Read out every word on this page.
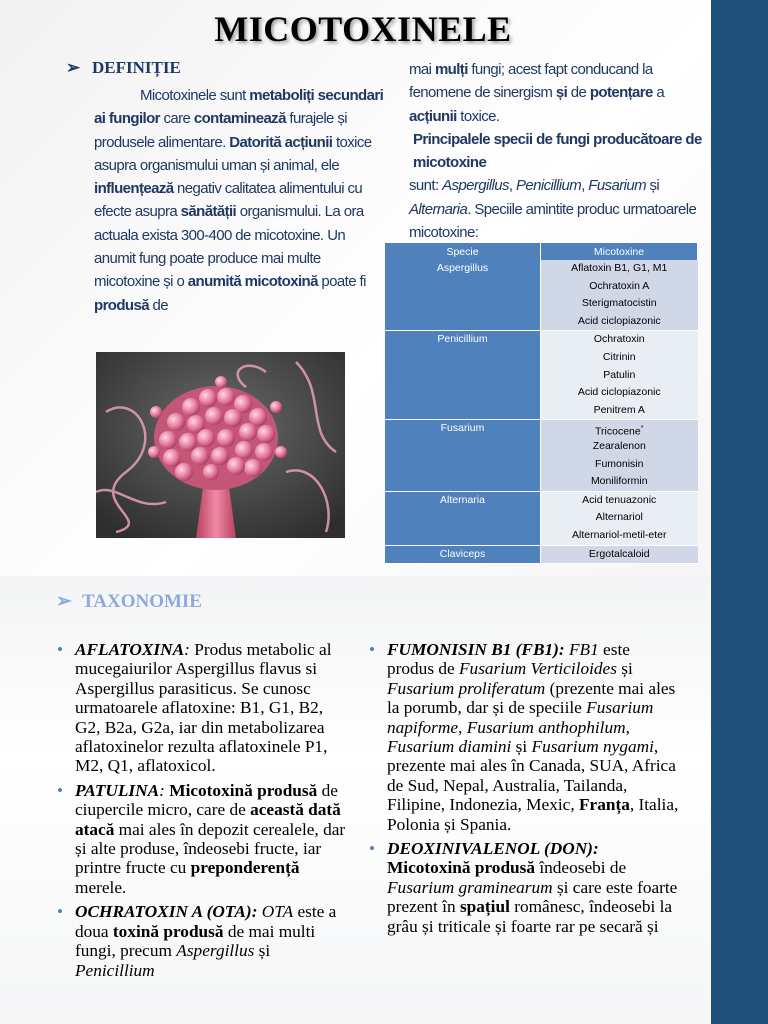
MICOTOXINELE
➢ DEFINIȚIE
Micotoxinele sunt metaboliți secundari ai fungilor care contaminează furajele și produsele alimentare. Datorită acțiunii toxice asupra organismului uman și animal, ele influențează negativ calitatea alimentului cu efecte asupra sănătății organismului. La ora actuala exista 300-400 de micotoxine. Un anumit fung poate produce mai multe micotoxine și o anumită micotoxină poate fi produsă de
mai mulți fungi; acest fapt conducand la fenomene de sinergism și de potențare a acțiunii toxice.
Principalele specii de fungi producătoare de micotoxine
sunt: Aspergillus, Penicillium, Fusarium și Alternaria. Speciile amintite produc urmatoarele micotoxine:
Specie	Micotoxine
Aspergillus	Aflatoxin B1, G1, M1
Ochratoxin A
Sterigmatocistin
Acid ciclopiazonic

Penicillium	Ochratoxin
Citrinin
Patulin
Acid ciclopiazonic
Penitrem A

Fusarium	Tricocene*
Zearalenon
Fumonisin
Moniliformin

Alternaria	Acid tenuazonic
Alternariol
Alternariol-metil-eter

Claviceps	Ergotalcaloid
➢ TAXONOMIE
• AFLATOXINA: Produs metabolic al mucegaiurilor Aspergillus flavus si Aspergillus parasiticus. Se cunosc urmatoarele aflatoxine: B1, G1, B2, G2, B2a, G2a, iar din metabolizarea aflatoxinelor rezulta aflatoxinele P1, M2, Q1, aflatoxicol.
• PATULINA: Micotoxină produsă de ciupercile micro, care de această dată atacă mai ales în depozit cerealele, dar și alte produse, îndeosebi fructe, iar printre fructe cu preponderență merele.
• OCHRATOXIN A (OTA): OTA este a doua toxină produsă de mai multi fungi, precum Aspergillus și Penicillium
• FUMONISIN B1 (FB1): FB1 este produs de Fusarium Verticiloides și Fusarium proliferatum (prezente mai ales la porumb, dar și de speciile Fusarium napiforme, Fusarium anthophilum, Fusarium diamini și Fusarium nygami, prezente mai ales în Canada, SUA, Africa de Sud, Nepal, Australia, Tailanda, Filipine, Indonezia, Mexic, Franța, Italia, Polonia și Spania.
• DEOXINIVALENOL (DON): Micotoxină produsă îndeosebi de Fusarium graminearum și care este foarte prezent în spațiul românesc, îndeosebi la grâu și triticale și foarte rar pe secară și
